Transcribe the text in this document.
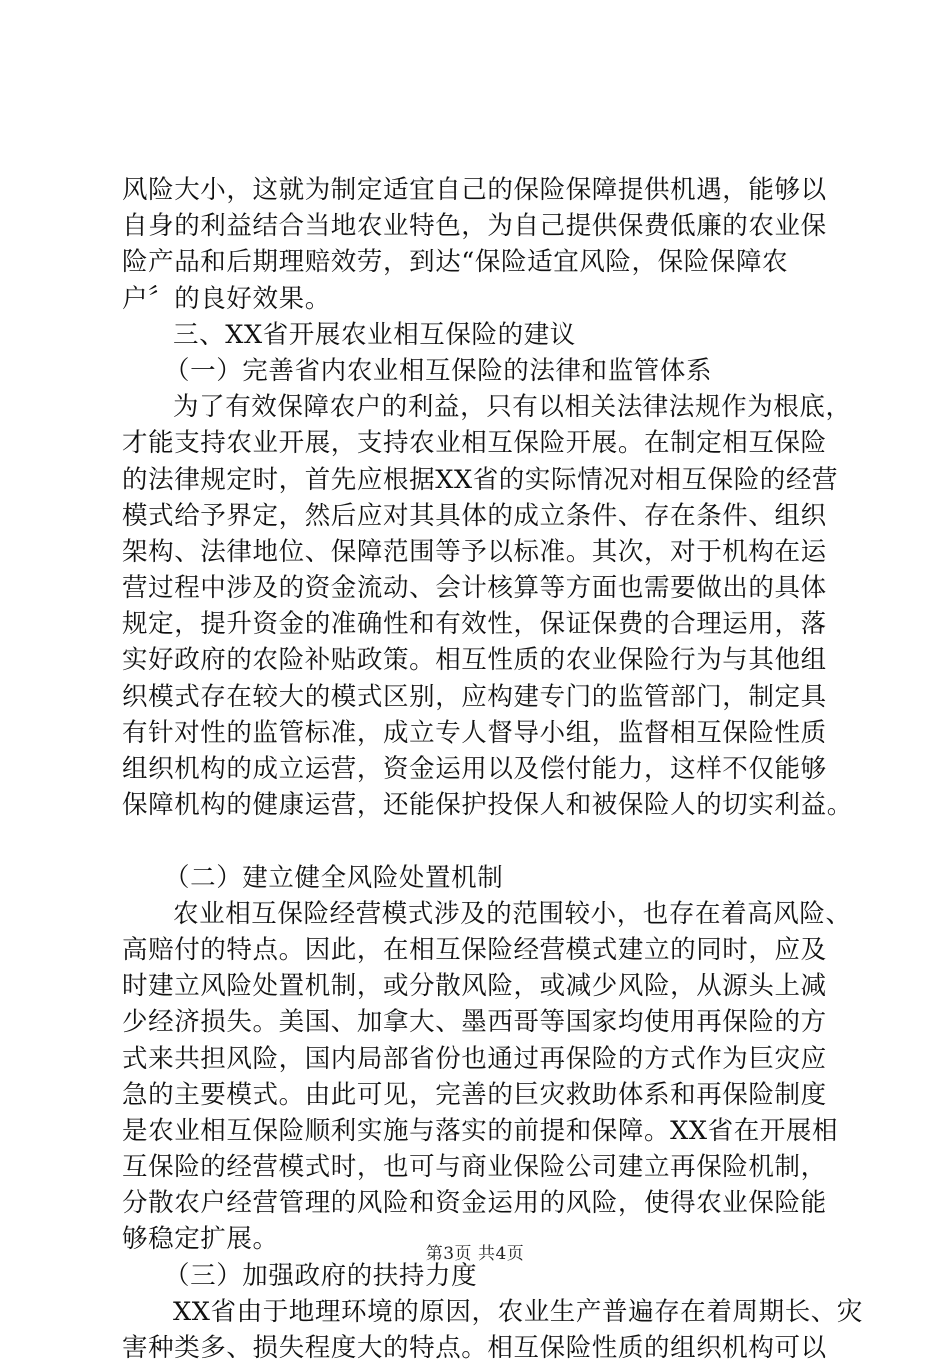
风险大小，这就为制定适宜自己的保险保障提供机遇，能够以
自身的利益结合当地农业特色，为自己提供保费低廉的农业保
险产品和后期理赔效劳，到达“保险适宜风险，保险保障农
户〞的良好效果。
三、XX省开展农业相互保险的建议
（一）完善省内农业相互保险的法律和监管体系
为了有效保障农户的利益，只有以相关法律法规作为根底，
才能支持农业开展，支持农业相互保险开展。在制定相互保险
的法律规定时，首先应根据XX省的实际情况对相互保险的经营
模式给予界定，然后应对其具体的成立条件、存在条件、组织
架构、法律地位、保障范围等予以标准。其次，对于机构在运
营过程中涉及的资金流动、会计核算等方面也需要做出的具体
规定，提升资金的准确性和有效性，保证保费的合理运用，落
实好政府的农险补贴政策。相互性质的农业保险行为与其他组
织模式存在较大的模式区别，应构建专门的监管部门，制定具
有针对性的监管标准，成立专人督导小组，监督相互保险性质
组织机构的成立运营，资金运用以及偿付能力，这样不仅能够
保障机构的健康运营，还能保护投保人和被保险人的切实利益。
（二）建立健全风险处置机制
农业相互保险经营模式涉及的范围较小，也存在着高风险、
高赔付的特点。因此，在相互保险经营模式建立的同时，应及
时建立风险处置机制，或分散风险，或减少风险，从源头上减
少经济损失。美国、加拿大、墨西哥等国家均使用再保险的方
式来共担风险，国内局部省份也通过再保险的方式作为巨灾应
急的主要模式。由此可见，完善的巨灾救助体系和再保险制度
是农业相互保险顺利实施与落实的前提和保障。XX省在开展相
互保险的经营模式时，也可与商业保险公司建立再保险机制，
分散农户经营管理的风险和资金运用的风险，使得农业保险能
够稳定扩展。
（三）加强政府的扶持力度
XX省由于地理环境的原因，农业生产普遍存在着周期长、灾
害种类多、损失程度大的特点。相互保险性质的组织机构可以
第3页 共4页
